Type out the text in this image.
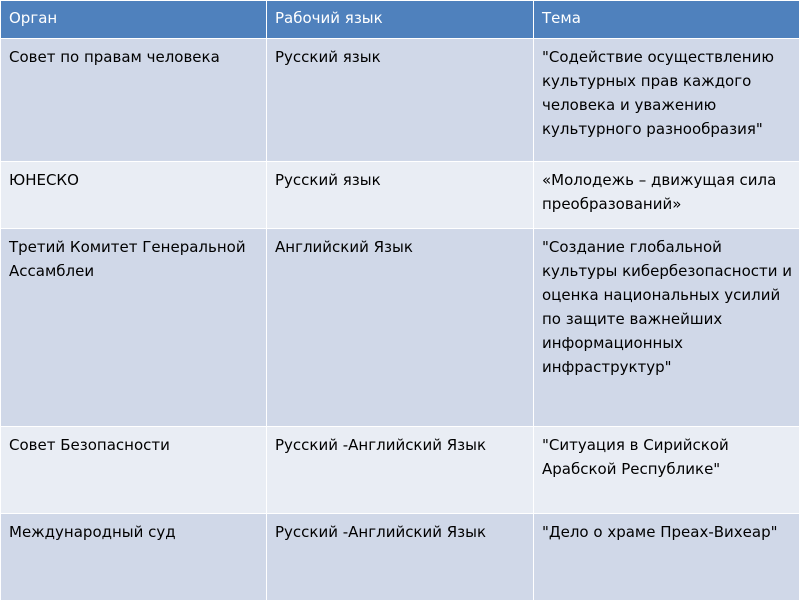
Орган	Рабочий язык	Тема
Совет по правам человека	Русский язык	"Содействие осуществлению культурных прав каждого человека и уважению культурного разнообразия"
ЮНЕСКО	Русский язык	«Молодежь – движущая сила преобразований»
Третий Комитет Генеральной Ассамблеи	Английский Язык	"Создание глобальной культуры кибербезопасности и оценка национальных усилий по защите важнейших информационных инфраструктур"
Совет Безопасности	Русский -Английский Язык	"Ситуация в Сирийской Арабской Республике"
Международный суд	Русский -Английский Язык	"Дело о храме Преах-Вихеар"
